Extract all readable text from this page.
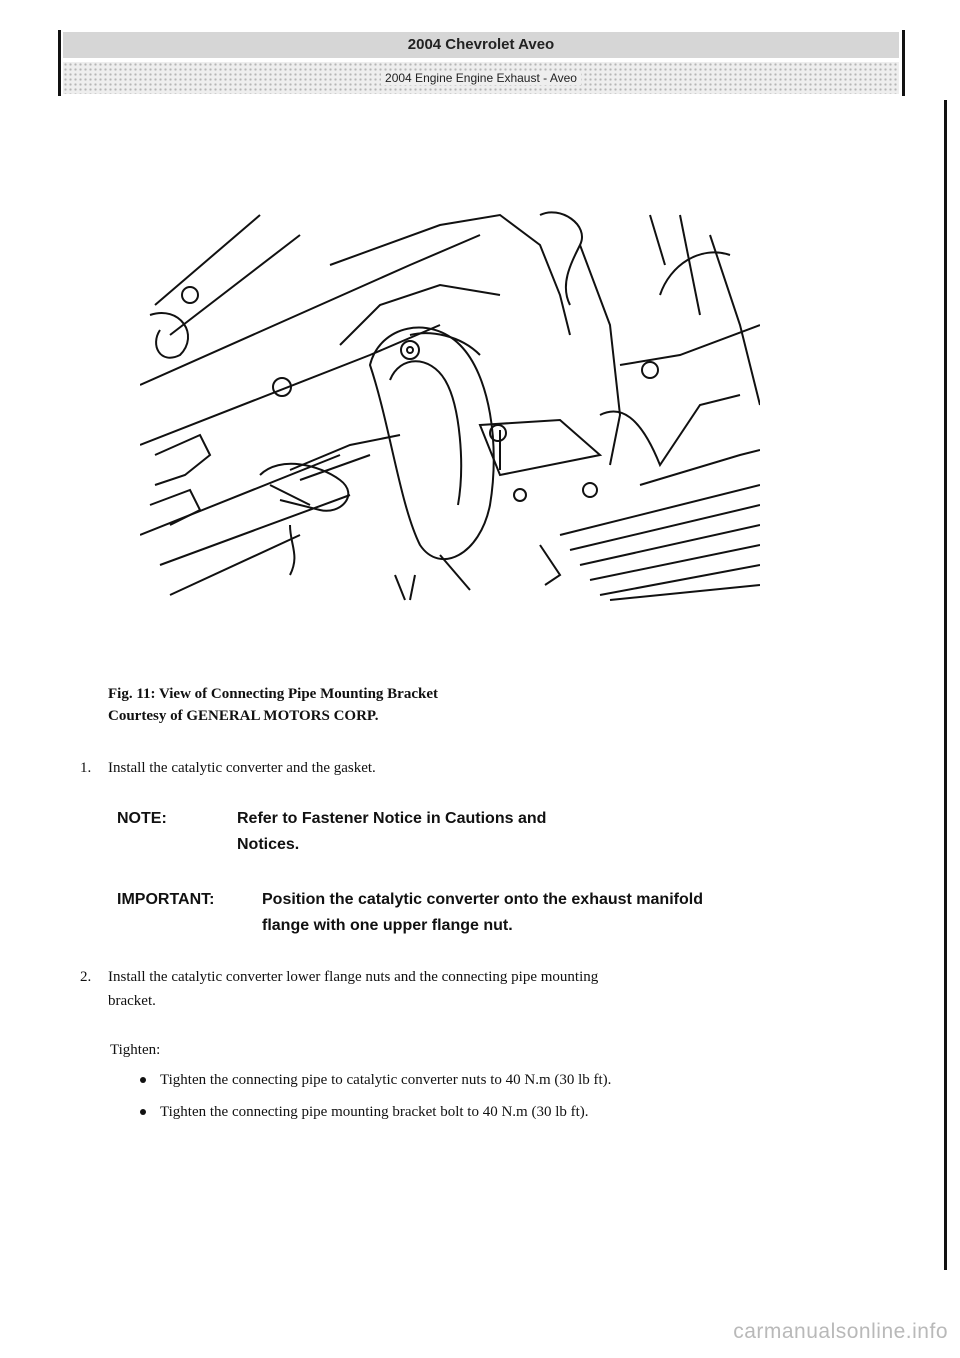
2004 Chevrolet Aveo
2004 Engine Engine Exhaust - Aveo
Fig. 11: View of Connecting Pipe Mounting Bracket
Courtesy of GENERAL MOTORS CORP.
1. Install the catalytic converter and the gasket.
NOTE:	Refer to Fastener Notice in Cautions and
Notices.
IMPORTANT:	Position the catalytic converter onto the exhaust manifold
flange with one upper flange nut.
2. Install the catalytic converter lower flange nuts and the connecting pipe mounting
bracket.
Tighten:
Tighten the connecting pipe to catalytic converter nuts to 40 N.m (30 lb ft).
Tighten the connecting pipe mounting bracket bolt to 40 N.m (30 lb ft).
carmanualsonline.info
